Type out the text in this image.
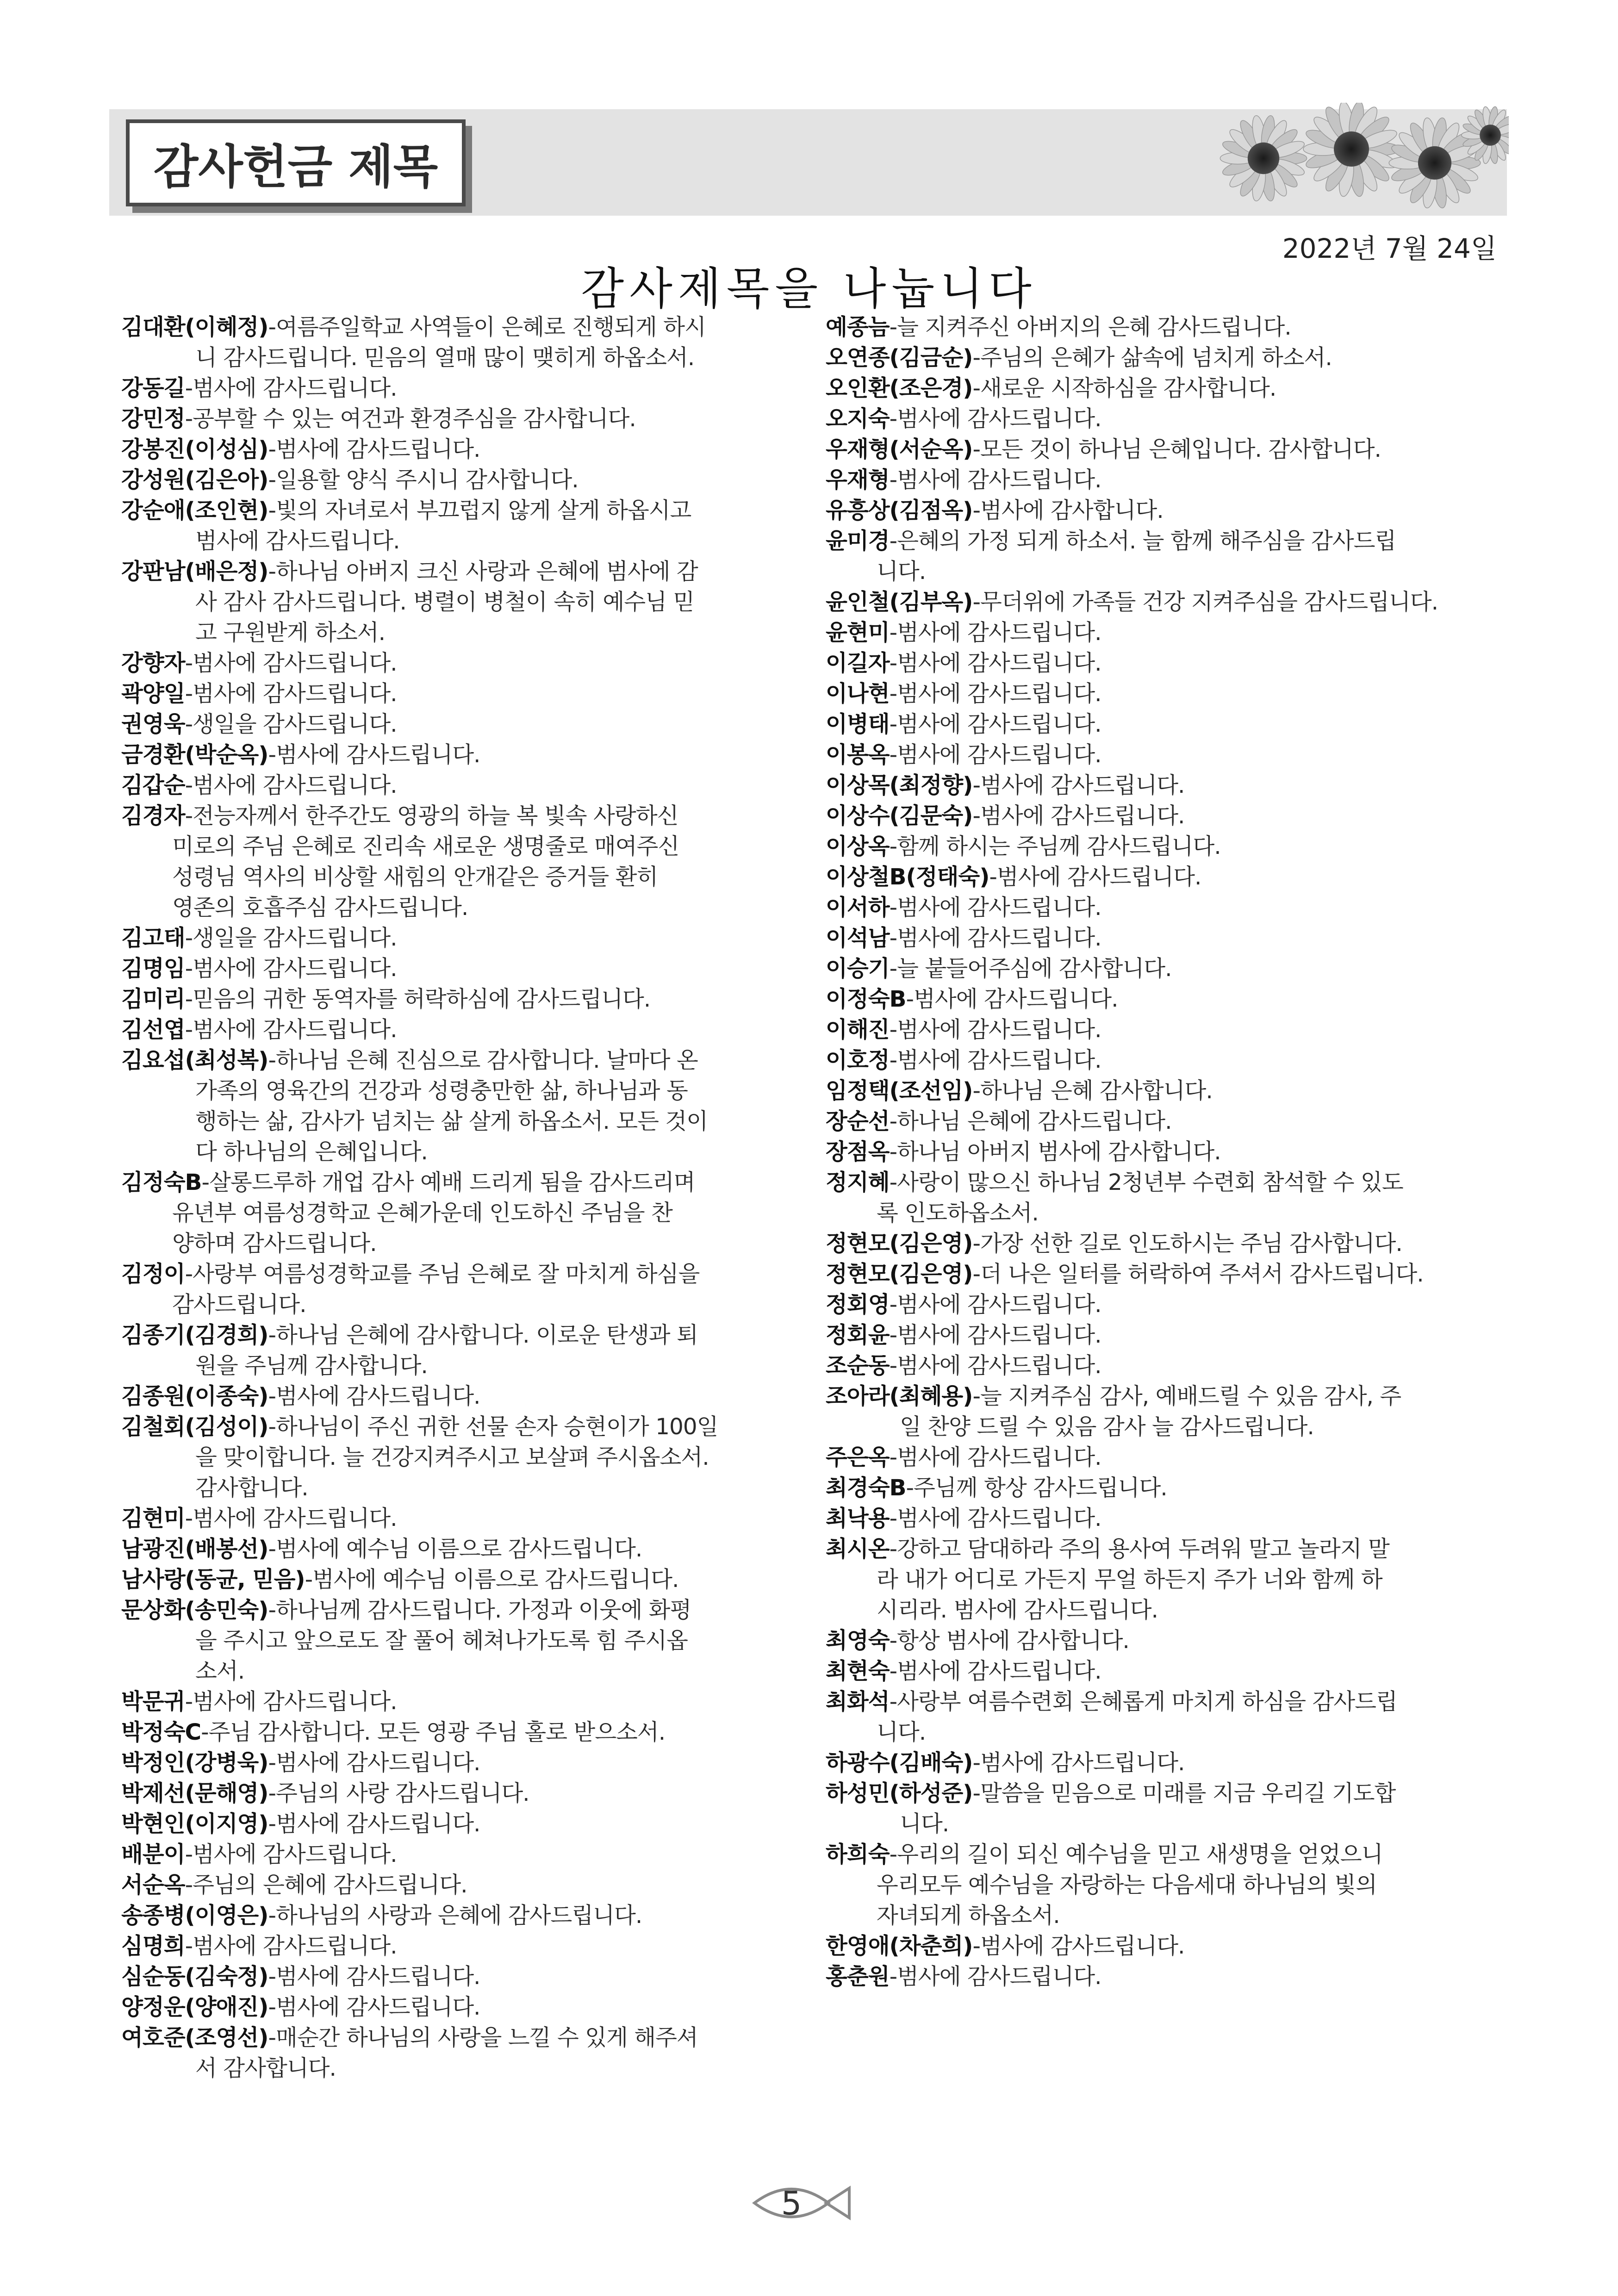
감사헌금 제목
2022년 7월 24일
감사제목을 나눕니다
김대환(이혜정)-여름주일학교 사역들이 은혜로 진행되게 하시
니 감사드립니다. 믿음의 열매 많이 맺히게 하옵소서.
강동길-범사에 감사드립니다.
강민정-공부할 수 있는 여건과 환경주심을 감사합니다.
강봉진(이성심)-범사에 감사드립니다.
강성원(김은아)-일용할 양식 주시니 감사합니다.
강순애(조인현)-빛의 자녀로서 부끄럽지 않게 살게 하옵시고
범사에 감사드립니다.
강판남(배은정)-하나님 아버지 크신 사랑과 은혜에 범사에 감
사 감사 감사드립니다. 병렬이 병철이 속히 예수님 믿
고 구원받게 하소서.
강향자-범사에 감사드립니다.
곽양일-범사에 감사드립니다.
권영욱-생일을 감사드립니다.
금경환(박순옥)-범사에 감사드립니다.
김갑순-범사에 감사드립니다.
김경자-전능자께서 한주간도 영광의 하늘 복 빛속 사랑하신
미로의 주님 은혜로 진리속 새로운 생명줄로 매여주신
성령님 역사의 비상할 새힘의 안개같은 증거들 환히
영존의 호흡주심 감사드립니다.
김고태-생일을 감사드립니다.
김명임-범사에 감사드립니다.
김미리-믿음의 귀한 동역자를 허락하심에 감사드립니다.
김선엽-범사에 감사드립니다.
김요섭(최성복)-하나님 은혜 진심으로 감사합니다. 날마다 온
가족의 영육간의 건강과 성령충만한 삶, 하나님과 동
행하는 삶, 감사가 넘치는 삶 살게 하옵소서. 모든 것이
다 하나님의 은혜입니다.
김정숙B-살롱드루하 개업 감사 예배 드리게 됨을 감사드리며
유년부 여름성경학교 은혜가운데 인도하신 주님을 찬
양하며 감사드립니다.
김정이-사랑부 여름성경학교를 주님 은혜로 잘 마치게 하심을
감사드립니다.
김종기(김경희)-하나님 은혜에 감사합니다. 이로운 탄생과 퇴
원을 주님께 감사합니다.
김종원(이종숙)-범사에 감사드립니다.
김철회(김성이)-하나님이 주신 귀한 선물 손자 승현이가 100일
을 맞이합니다. 늘 건강지켜주시고 보살펴 주시옵소서.
감사합니다.
김현미-범사에 감사드립니다.
남광진(배봉선)-범사에 예수님 이름으로 감사드립니다.
남사랑(동균, 믿음)-범사에 예수님 이름으로 감사드립니다.
문상화(송민숙)-하나님께 감사드립니다. 가정과 이웃에 화평
을 주시고 앞으로도 잘 풀어 헤쳐나가도록 힘 주시옵
소서.
박문귀-범사에 감사드립니다.
박정숙C-주님 감사합니다. 모든 영광 주님 홀로 받으소서.
박정인(강병욱)-범사에 감사드립니다.
박제선(문해영)-주님의 사랑 감사드립니다.
박현인(이지영)-범사에 감사드립니다.
배분이-범사에 감사드립니다.
서순옥-주님의 은혜에 감사드립니다.
송종병(이영은)-하나님의 사랑과 은혜에 감사드립니다.
심명희-범사에 감사드립니다.
심순동(김숙정)-범사에 감사드립니다.
양정운(양애진)-범사에 감사드립니다.
여호준(조영선)-매순간 하나님의 사랑을 느낄 수 있게 해주셔
서 감사합니다.
예종늠-늘 지켜주신 아버지의 은혜 감사드립니다.
오연종(김금순)-주님의 은혜가 삶속에 넘치게 하소서.
오인환(조은경)-새로운 시작하심을 감사합니다.
오지숙-범사에 감사드립니다.
우재형(서순옥)-모든 것이 하나님 은혜입니다. 감사합니다.
우재형-범사에 감사드립니다.
유흥상(김점옥)-범사에 감사합니다.
윤미경-은혜의 가정 되게 하소서. 늘 함께 해주심을 감사드립
니다.
윤인철(김부옥)-무더위에 가족들 건강 지켜주심을 감사드립니다.
윤현미-범사에 감사드립니다.
이길자-범사에 감사드립니다.
이나현-범사에 감사드립니다.
이병태-범사에 감사드립니다.
이봉옥-범사에 감사드립니다.
이상목(최정향)-범사에 감사드립니다.
이상수(김문숙)-범사에 감사드립니다.
이상옥-함께 하시는 주님께 감사드립니다.
이상철B(정태숙)-범사에 감사드립니다.
이서하-범사에 감사드립니다.
이석남-범사에 감사드립니다.
이승기-늘 붙들어주심에 감사합니다.
이정숙B-범사에 감사드립니다.
이해진-범사에 감사드립니다.
이호정-범사에 감사드립니다.
임정택(조선임)-하나님 은혜 감사합니다.
장순선-하나님 은혜에 감사드립니다.
장점옥-하나님 아버지 범사에 감사합니다.
정지혜-사랑이 많으신 하나님 2청년부 수련회 참석할 수 있도
록 인도하옵소서.
정현모(김은영)-가장 선한 길로 인도하시는 주님 감사합니다.
정현모(김은영)-더 나은 일터를 허락하여 주셔서 감사드립니다.
정회영-범사에 감사드립니다.
정회윤-범사에 감사드립니다.
조순동-범사에 감사드립니다.
조아라(최혜용)-늘 지켜주심 감사, 예배드릴 수 있음 감사, 주
일 찬양 드릴 수 있음 감사 늘 감사드립니다.
주은옥-범사에 감사드립니다.
최경숙B-주님께 항상 감사드립니다.
최낙용-범사에 감사드립니다.
최시온-강하고 담대하라 주의 용사여 두려워 말고 놀라지 말
라 내가 어디로 가든지 무얼 하든지 주가 너와 함께 하
시리라. 범사에 감사드립니다.
최영숙-항상 범사에 감사합니다.
최현숙-범사에 감사드립니다.
최화석-사랑부 여름수련회 은혜롭게 마치게 하심을 감사드립
니다.
하광수(김배숙)-범사에 감사드립니다.
하성민(하성준)-말씀을 믿음으로 미래를 지금 우리길 기도합
니다.
하희숙-우리의 길이 되신 예수님을 믿고 새생명을 얻었으니
우리모두 예수님을 자랑하는 다음세대 하나님의 빛의
자녀되게 하옵소서.
한영애(차춘희)-범사에 감사드립니다.
홍춘원-범사에 감사드립니다.
5
